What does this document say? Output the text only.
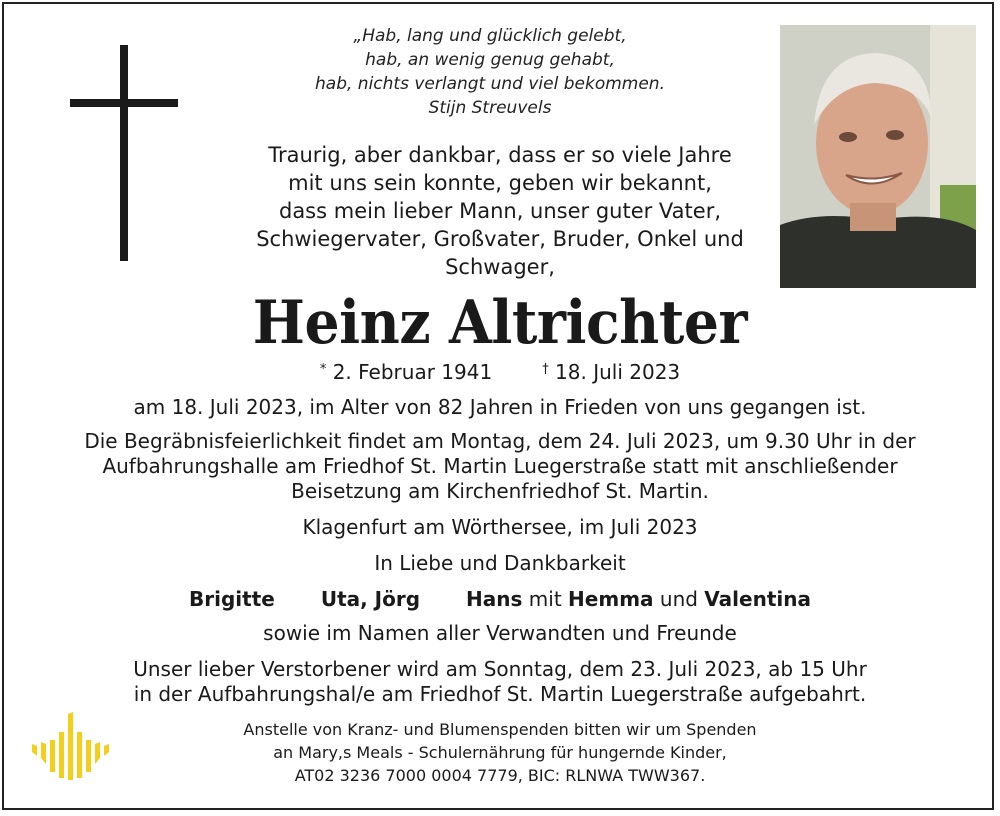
„Hab, lang und glücklich gelebt,
hab, an wenig genug gehabt,
hab, nichts verlangt und viel bekommen.
Stijn Streuvels
Traurig, aber dankbar, dass er so viele Jahre
mit uns sein konnte, geben wir bekannt,
dass mein lieber Mann, unser guter Vater,
Schwiegervater, Großvater, Bruder, Onkel und
Schwager,
Heinz Altrichter
* 2. Februar 1941	† 18. Juli 2023
am 18. Juli 2023, im Alter von 82 Jahren in Frieden von uns gegangen ist.
Die Begräbnisfeierlichkeit findet am Montag, dem 24. Juli 2023, um 9.30 Uhr in der
Aufbahrungshalle am Friedhof St. Martin Luegerstraße statt mit anschließender
Beisetzung am Kirchenfriedhof St. Martin.
Klagenfurt am Wörthersee, im Juli 2023
In Liebe und Dankbarkeit
Brigitte Uta, Jörg Hans mit Hemma und Valentina
sowie im Namen aller Verwandten und Freunde
Unser lieber Verstorbener wird am Sonntag, dem 23. Juli 2023, ab 15 Uhr
in der Aufbahrungshal/e am Friedhof St. Martin Luegerstraße aufgebahrt.
Anstelle von Kranz- und Blumenspenden bitten wir um Spenden
an Mary,s Meals - Schulernährung für hungernde Kinder,
AT02 3236 7000 0004 7779, BIC: RLNWA TWW367.
